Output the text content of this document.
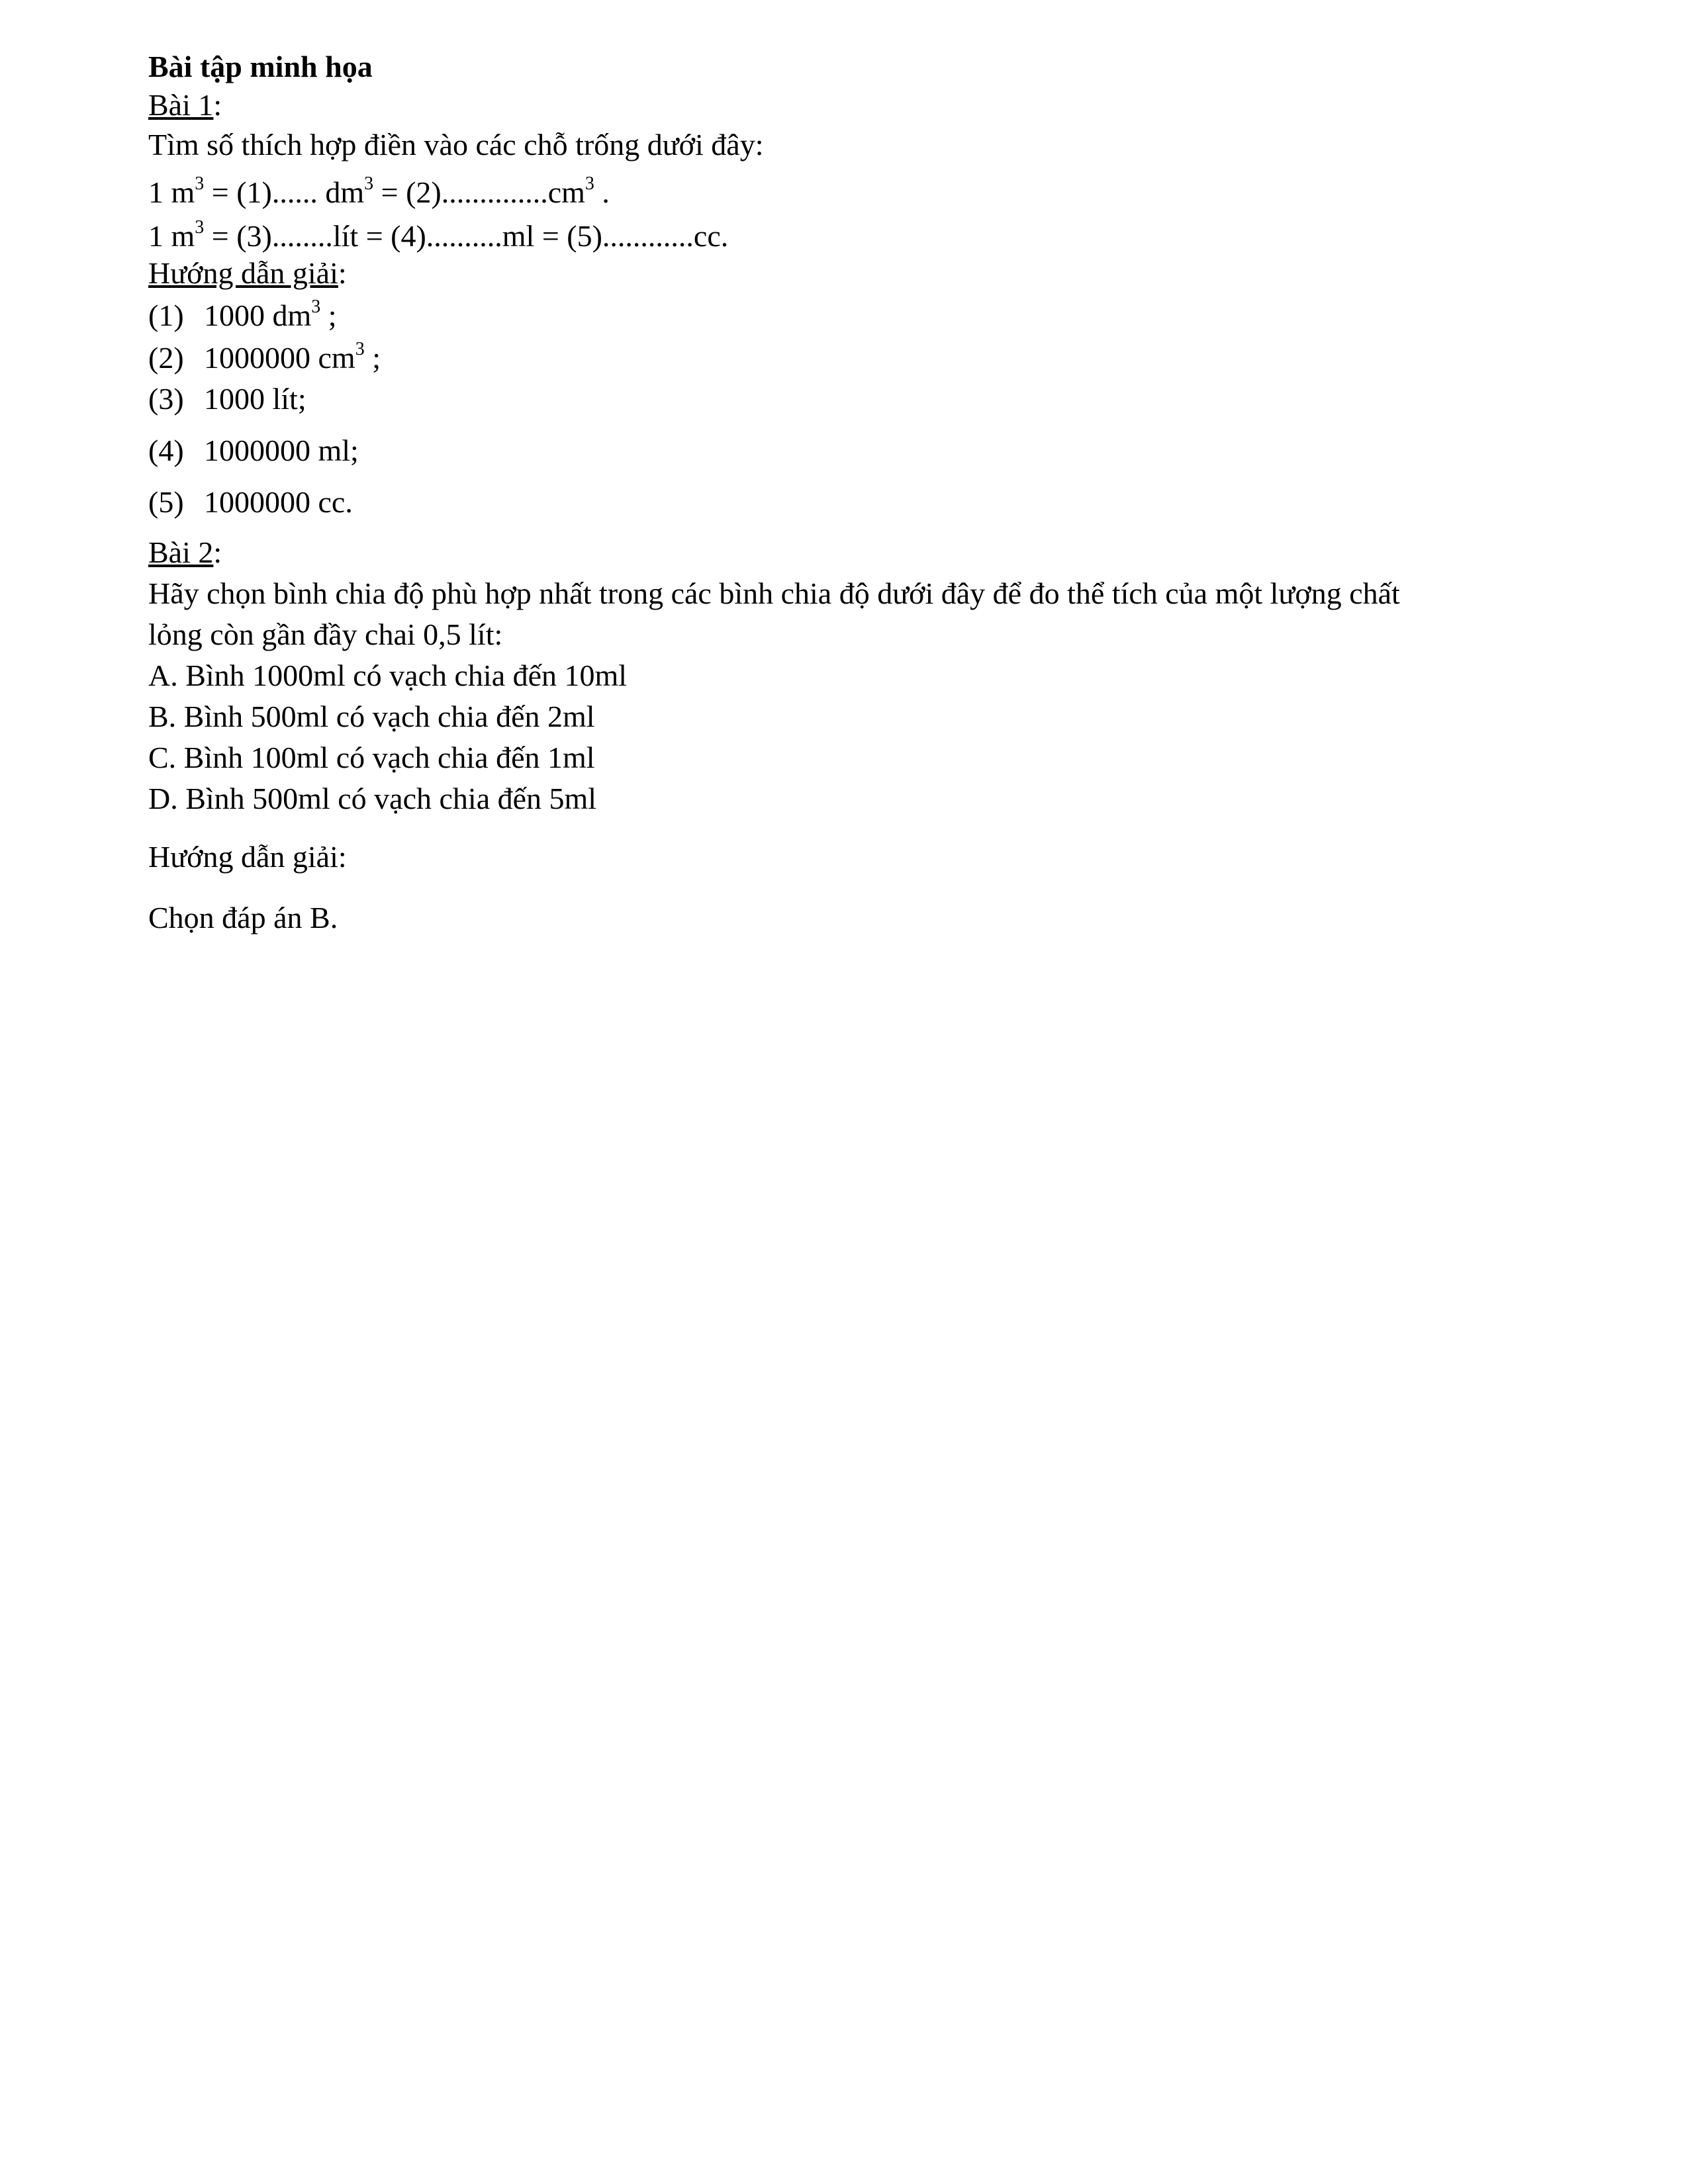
Bài tập minh họa

Bài 1:

Tìm số thích hợp điền vào các chỗ trống dưới đây:

1 $m^3 = (1)$...... $dm^3 = (2)..............cm^3$ .

1 $m^3$ = (3)........lít = (4)..........ml = (5)............cc.

Hướng dẫn giải:

(1) 1000 $dm^3$ ;

(2) 1000000 $cm^3$ ;

(3) 1000 lít;

(4) 1000000 ml;

(5) 1000000 cc.

Bài 2:

Hãy chọn bình chia độ phù hợp nhất trong các bình chia độ dưới đây để đo thể tích của một lượng chất

lỏng còn gần đầy chai 0,5 lít:

A. Bình 1000ml có vạch chia đến 10ml

B. Bình 500ml có vạch chia đến 2ml

C. Bình 100ml có vạch chia đến 1ml

D. Bình 500ml có vạch chia đến 5ml

Hướng dẫn giải:

Chọn đáp án B.
